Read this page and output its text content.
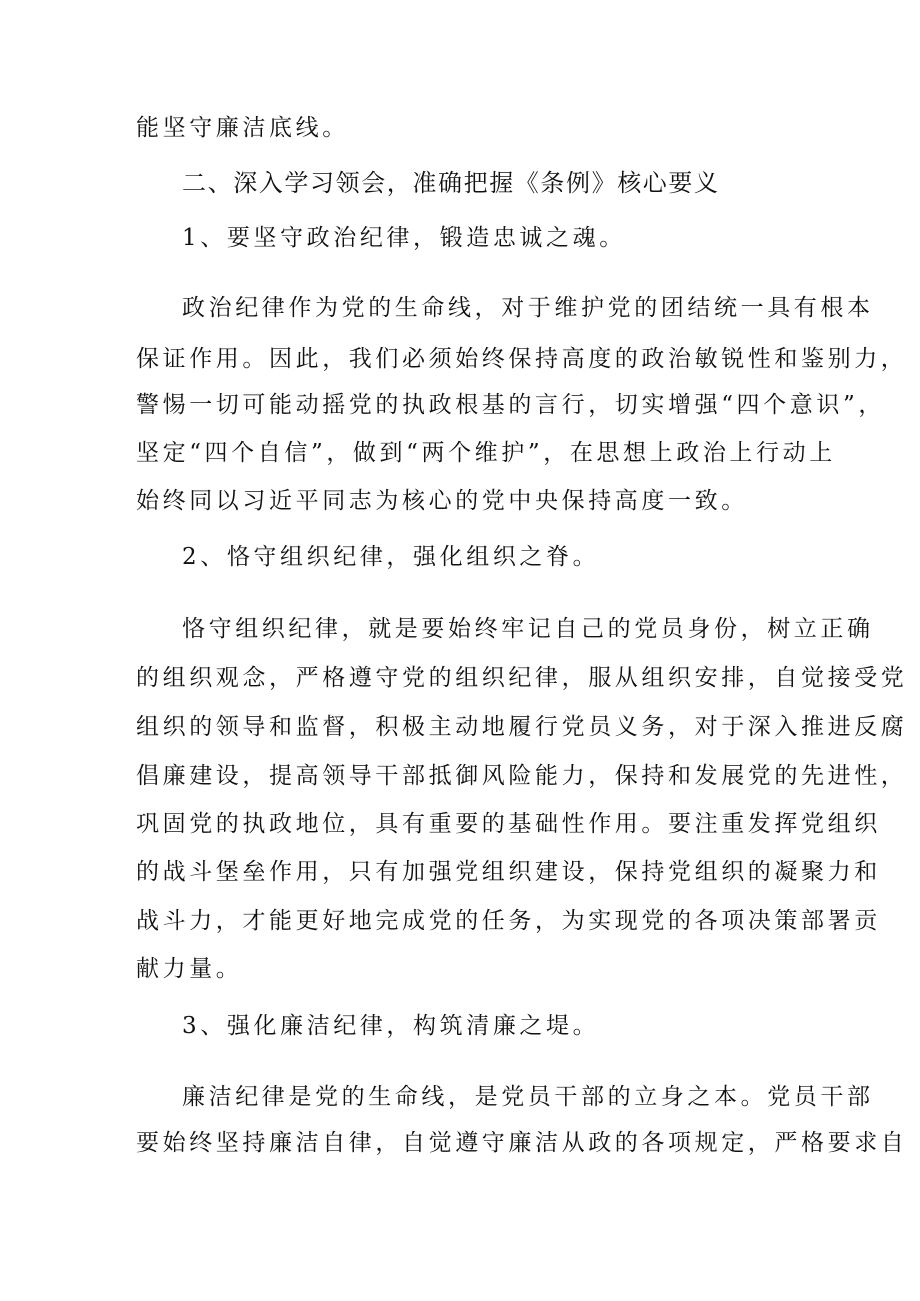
能坚守廉洁底线。
二、深入学习领会，准确把握《条例》核心要义
1、要坚守政治纪律，锻造忠诚之魂。
政治纪律作为党的生命线，对于维护党的团结统一具有根本
保证作用。因此，我们必须始终保持高度的政治敏锐性和鉴别力，
警惕一切可能动摇党的执政根基的言行，切实增强“四个意识”，
坚定“四个自信”，做到“两个维护”，在思想上政治上行动上
始终同以习近平同志为核心的党中央保持高度一致。
2、恪守组织纪律，强化组织之脊。
恪守组织纪律，就是要始终牢记自己的党员身份，树立正确
的组织观念，严格遵守党的组织纪律，服从组织安排，自觉接受党
组织的领导和监督，积极主动地履行党员义务，对于深入推进反腐
倡廉建设，提高领导干部抵御风险能力，保持和发展党的先进性，
巩固党的执政地位，具有重要的基础性作用。要注重发挥党组织
的战斗堡垒作用，只有加强党组织建设，保持党组织的凝聚力和
战斗力，才能更好地完成党的任务，为实现党的各项决策部署贡
献力量。
3、强化廉洁纪律，构筑清廉之堤。
廉洁纪律是党的生命线，是党员干部的立身之本。党员干部
要始终坚持廉洁自律，自觉遵守廉洁从政的各项规定，严格要求自
